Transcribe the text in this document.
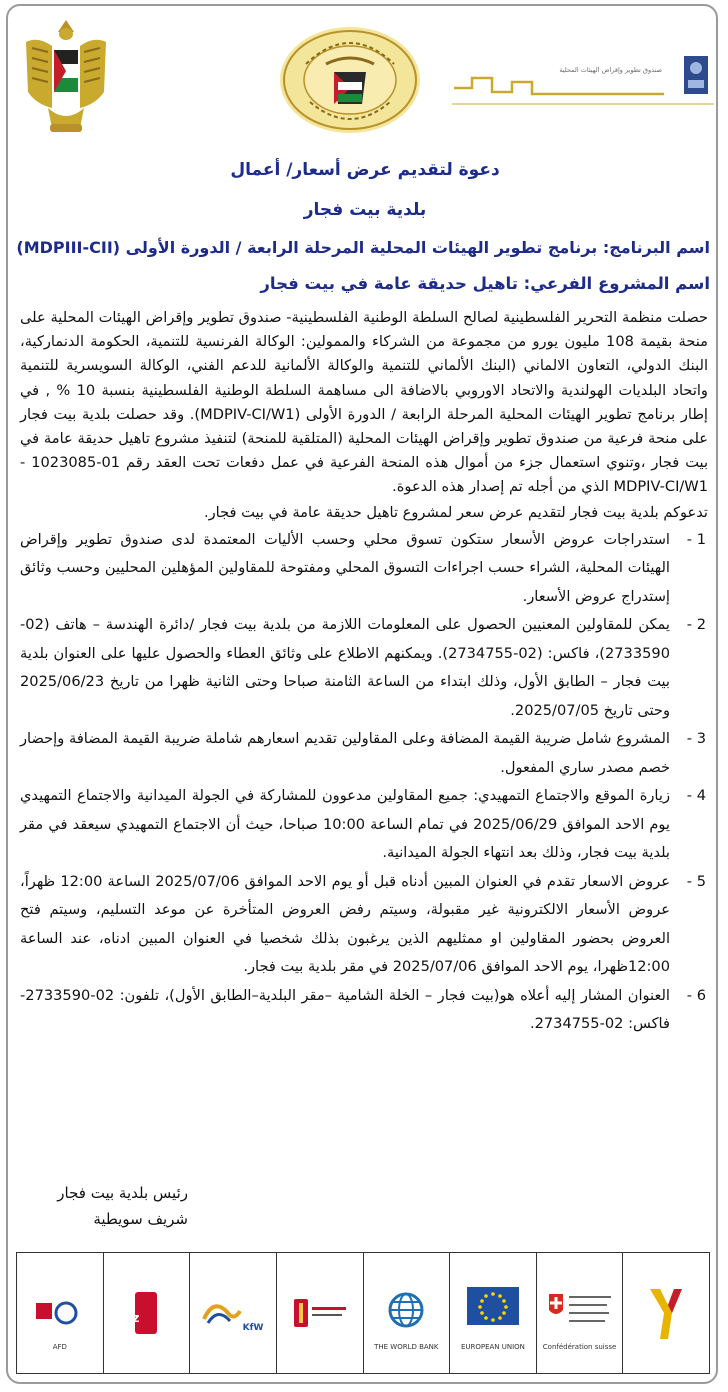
صندوق تطوير وإقراض الهيئات المحلية
دعوة لتقديم عرض أسعار/ أعمال
بلدية بيت فجار
اسم البرنامج: برنامج تطوير الهيئات المحلية المرحلة الرابعة / الدورة الأولى (MDPIII-CII)
اسم المشروع الفرعي: تاهيل حديقة عامة في بيت فجار

حصلت منظمة التحرير الفلسطينية لصالح السلطة الوطنية الفلسطينية- صندوق تطوير وإقراض الهيئات المحلية على منحة بقيمة 108 مليون يورو من مجموعة من الشركاء والممولين: الوكالة الفرنسية للتنمية، الحكومة الدنماركية، البنك الدولي، التعاون الالماني (البنك الألماني للتنمية والوكالة الألمانية للدعم الفني، الوكالة السويسرية للتنمية واتحاد البلديات الهولندية والاتحاد الاوروبي بالاضافة الى مساهمة السلطة الوطنية الفلسطينية بنسبة 10 % , في إطار برنامج تطوير الهيئات المحلية المرحلة الرابعة / الدورة الأولى (MDPIV-CI/W1). وقد حصلت بلدية بيت فجار على منحة فرعية من صندوق تطوير وإقراض الهيئات المحلية (المتلقية للمنحة) لتنفيذ مشروع تاهيل حديقة عامة في بيت فجار ،وتنوي استعمال جزء من أموال هذه المنحة الفرعية في عمل دفعات تحت العقد رقم 01-1023085 -MDPIV-CI/W1 الذي من أجله تم إصدار هذه الدعوة.

تدعوكم بلدية بيت فجار لتقديم عرض سعر لمشروع تاهيل حديقة عامة في بيت فجار.

1 -
استدراجات عروض الأسعار ستكون تسوق محلي وحسب الأليات المعتمدة لدى صندوق تطوير وإقراض الهيئات المحلية، الشراء حسب اجراءات التسوق المحلي ومفتوحة للمقاولين المؤهلين المحليين وحسب وثائق إستدراج عروض الأسعار.
2 -
يمكن للمقاولين المعنيين الحصول على المعلومات اللازمة من بلدية بيت فجار /دائرة الهندسة – هاتف (02-2733590)، فاكس: (02-2734755). ويمكنهم الاطلاع على وثائق العطاء والحصول عليها على العنوان بلدية بيت فجار – الطابق الأول، وذلك ابتداء من الساعة الثامنة صباحا وحتى الثانية ظهرا من تاريخ 2025/06/23 وحتى تاريخ 2025/07/05.
3 -
المشروع شامل ضريبة القيمة المضافة وعلى المقاولين تقديم اسعارهم شاملة ضريبة القيمة المضافة وإحضار خصم مصدر ساري المفعول.
4 -
زيارة الموقع والاجتماع التمهيدي: جميع المقاولين مدعوون للمشاركة في الجولة الميدانية والاجتماع التمهيدي يوم الاحد الموافق 2025/06/29 في تمام الساعة 10:00 صباحا، حيث أن الاجتماع التمهيدي سيعقد في مقر بلدية بيت فجار، وذلك بعد انتهاء الجولة الميدانية.
5 -
عروض الاسعار تقدم في العنوان المبين أدناه قبل أو يوم الاحد الموافق 2025/07/06 الساعة 12:00 ظهراً، عروض الأسعار الالكترونية غير مقبولة، وسيتم رفض العروض المتأخرة عن موعد التسليم، وسيتم فتح العروض بحضور المقاولين او ممثليهم الذين يرغبون بذلك شخصيا في العنوان المبين ادناه، عند الساعة 12:00ظهرا، يوم الاحد الموافق 2025/07/06 في مقر بلدية بيت فجار.
6 -
العنوان المشار إليه أعلاه هو(بيت فجار – الخلة الشامية –مقر البلدية–الطابق الأول)، تلفون: 02-2733590- فاكس: 02-2734755.
رئيس بلدية بيت فجار
شريف سويطية
Confédération suisse
EUROPEAN UNION
THE WORLD BANK
KfW
giz
AFD
